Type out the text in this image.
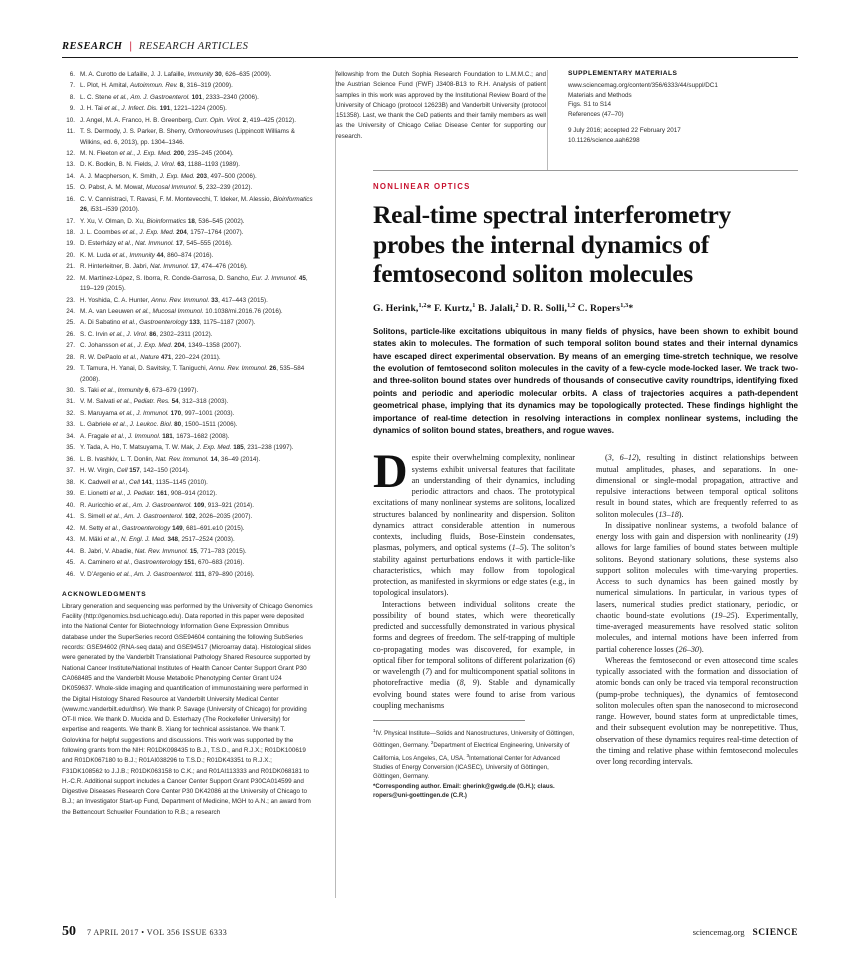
RESEARCH | RESEARCH ARTICLES
6. M. A. Curotto de Lafaille, J. J. Lafaille, Immunity 30, 626–635 (2009).
7. L. Plot, H. Amital, Autoimmun. Rev. 8, 316–319 (2009).
8. L. C. Stene et al., Am. J. Gastroenterol. 101, 2333–2340 (2006).
9. J. H. Tai et al., J. Infect. Dis. 191, 1221–1224 (2005).
10. J. Angel, M. A. Franco, H. B. Greenberg, Curr. Opin. Virol. 2, 419–425 (2012).
11. T. S. Dermody, J. S. Parker, B. Sherry, Orthoreoviruses (Lippincott Williams & Wilkins, ed. 6, 2013), pp. 1304–1346.
12. M. N. Fleeton et al., J. Exp. Med. 200, 235–245 (2004).
13. D. K. Bodkin, B. N. Fields, J. Virol. 63, 1188–1193 (1989).
14. A. J. Macpherson, K. Smith, J. Exp. Med. 203, 497–500 (2006).
15. O. Pabst, A. M. Mowat, Mucosal Immunol. 5, 232–239 (2012).
16. C. V. Cannistraci, T. Ravasi, F. M. Montevecchi, T. Ideker, M. Alessio, Bioinformatics 26, i531–i539 (2010).
17. Y. Xu, V. Olman, D. Xu, Bioinformatics 18, 536–545 (2002).
18. J. L. Coombes et al., J. Exp. Med. 204, 1757–1764 (2007).
19. D. Esterházy et al., Nat. Immunol. 17, 545–555 (2016).
20. K. M. Luda et al., Immunity 44, 860–874 (2016).
21. R. Hinterleitner, B. Jabri, Nat. Immunol. 17, 474–476 (2016).
22. M. Martínez-López, S. Iborra, R. Conde-Garrosa, D. Sancho, Eur. J. Immunol. 45, 119–129 (2015).
23. H. Yoshida, C. A. Hunter, Annu. Rev. Immunol. 33, 417–443 (2015).
24. M. A. van Leeuwen et al., Mucosal Immunol. 10.1038/mi.2016.76 (2016).
25. A. Di Sabatino et al., Gastroenterology 133, 1175–1187 (2007).
26. S. C. Irvin et al., J. Virol. 86, 2302–2311 (2012).
27. C. Johansson et al., J. Exp. Med. 204, 1349–1358 (2007).
28. R. W. DePaolo et al., Nature 471, 220–224 (2011).
29. T. Tamura, H. Yanai, D. Savitsky, T. Taniguchi, Annu. Rev. Immunol. 26, 535–584 (2008).
30. S. Taki et al., Immunity 6, 673–679 (1997).
31. V. M. Salvati et al., Pediatr. Res. 54, 312–318 (2003).
32. S. Maruyama et al., J. Immunol. 170, 997–1001 (2003).
33. L. Gabriele et al., J. Leukoc. Biol. 80, 1500–1511 (2006).
34. A. Fragale et al., J. Immunol. 181, 1673–1682 (2008).
35. Y. Tada, A. Ho, T. Matsuyama, T. W. Mak, J. Exp. Med. 185, 231–238 (1997).
36. L. B. Ivashkiv, L. T. Donlin, Nat. Rev. Immunol. 14, 36–49 (2014).
37. H. W. Virgin, Cell 157, 142–150 (2014).
38. K. Cadwell et al., Cell 141, 1135–1145 (2010).
39. E. Lionetti et al., J. Pediatr. 161, 908–914 (2012).
40. R. Auricchio et al., Am. J. Gastroenterol. 109, 913–921 (2014).
41. S. Simell et al., Am. J. Gastroenterol. 102, 2026–2035 (2007).
42. M. Setty et al., Gastroenterology 149, 681–691.e10 (2015).
43. M. Mäki et al., N. Engl. J. Med. 348, 2517–2524 (2003).
44. B. Jabri, V. Abadie, Nat. Rev. Immunol. 15, 771–783 (2015).
45. A. Caminero et al., Gastroenterology 151, 670–683 (2016).
46. V. D’Argenio et al., Am. J. Gastroenterol. 111, 879–890 (2016).
ACKNOWLEDGMENTS
Library generation and sequencing was performed by the University of Chicago Genomics Facility (http://genomics.bsd.uchicago.edu). Data reported in this paper were deposited into the National Center for Biotechnology Information Gene Expression Omnibus database under the SuperSeries record GSE94604 containing the following SubSeries records: GSE94602 (RNA-seq data) and GSE94517 (Microarray data). Histological slides were generated by the Vanderbilt Translational Pathology Shared Resource supported by National Cancer Institute/National Institutes of Health Cancer Center Support Grant P30 CA068485 and the Vanderbilt Mouse Metabolic Phenotyping Center Grant U24 DK059637. Whole-slide imaging and quantification of immunostaining were performed in the Digital Histology Shared Resource at Vanderbilt University Medical Center (www.mc.vanderbilt.edu/dhsr). We thank P. Savage (University of Chicago) for providing OT-II mice. We thank D. Mucida and D. Esterhazy (The Rockefeller University) for expertise and reagents. We thank B. Xiang for technical assistance. We thank T. Golovkina for helpful suggestions and discussions. This work was supported by the following grants from the NIH: R01DK098435 to B.J., T.S.D., and R.J.X.; R01DK100619 and R01DK067180 to B.J.; R01AI038296 to T.S.D.; R01DK43351 to R.J.X.; F31DK108562 to J.J.B.; R01DK063158 to C.K.; and R01AI113333 and R01DK068181 to H.-C.R. Additional support includes a Cancer Center Support Grant P30CA014599 and Digestive Diseases Research Core Center P30 DK42086 at the University of Chicago to B.J.; an Investigator Start-up Fund, Department of Medicine, MGH to A.N.; an award from the Bettencourt Schueller Foundation to R.B.; a research
fellowship from the Dutch Sophia Research Foundation to L.M.M.C.; and the Austrian Science Fund (FWF) J3408-B13 to R.H. Analysis of patient samples in this work was approved by the Institutional Review Board of the University of Chicago (protocol 12623B) and Vanderbilt University (protocol 151358). Last, we thank the CeD patients and their family members as well as the University of Chicago Celiac Disease Center for supporting our research.
SUPPLEMENTARY MATERIALS
www.sciencemag.org/content/356/6333/44/suppl/DC1
Materials and Methods
Figs. S1 to S14
References (47–70)
9 July 2016; accepted 22 February 2017
10.1126/science.aah6298
NONLINEAR OPTICS
Real-time spectral interferometry probes the internal dynamics of femtosecond soliton molecules
G. Herink,$^{1,2}$* F. Kurtz,$^1$ B. Jalali,$^2$ D. R. Solli,$^{1,2}$ C. Ropers$^{1,3}$*
Solitons, particle-like excitations ubiquitous in many fields of physics, have been shown to exhibit bound states akin to molecules. The formation of such temporal soliton bound states and their internal dynamics have escaped direct experimental observation. By means of an emerging time-stretch technique, we resolve the evolution of femtosecond soliton molecules in the cavity of a few-cycle mode-locked laser. We track two- and three-soliton bound states over hundreds of thousands of consecutive cavity roundtrips, identifying fixed points and periodic and aperiodic molecular orbits. A class of trajectories acquires a path-dependent geometrical phase, implying that its dynamics may be topologically protected. These findings highlight the importance of real-time detection in resolving interactions in complex nonlinear systems, including the dynamics of soliton bound states, breathers, and rogue waves.

Despite their overwhelming complexity, nonlinear systems exhibit universal features that facilitate an understanding of their dynamics, including periodic attractors and chaos. The prototypical excitations of many nonlinear systems are solitons, localized structures balanced by nonlinearity and dispersion. Soliton dynamics attract considerable attention in numerous contexts, including fluids, Bose-Einstein condensates, plasmas, polymers, and optical systems (1–5). The soliton’s stability against perturbations endows it with particle-like characteristics, which may follow from topological protection, as manifested in skyrmions or edge states (e.g., in topological insulators).

Interactions between individual solitons create the possibility of bound states, which were theoretically predicted and successfully demonstrated in various physical forms and degrees of freedom. The self-trapping of multiple co-propagating modes was discovered, for example, in optical fiber for temporal solitons of different polarization (6) or wavelength (7) and for multicomponent spatial solitons in photorefractive media (8, 9). Stable and dynamically evolving bound states were found to arise from various coupling mechanisms

$^1$IV. Physical Institute—Solids and Nanostructures, University of Göttingen, Göttingen, Germany. $^2$Department of Electrical Engineering, University of California, Los Angeles, CA, USA. $^3$International Center for Advanced Studies of Energy Conversion (ICASEC), University of Göttingen, Göttingen, Germany.
*Corresponding author. Email: gherink@gwdg.de (G.H.); claus. ropers@uni-goettingen.de (C.R.)

(3, 6–12), resulting in distinct relationships between mutual amplitudes, phases, and separations. In one-dimensional or single-modal propagation, attractive and repulsive interactions between temporal optical solitons result in bound states, which are frequently referred to as soliton molecules (13–18).

In dissipative nonlinear systems, a twofold balance of energy loss with gain and dispersion with nonlinearity (19) allows for large families of bound states between multiple solitons. Beyond stationary solutions, these systems also support soliton molecules with time-varying properties. Access to such dynamics has been gained mostly by numerical simulations. In particular, in various types of lasers, numerical studies predict stationary, periodic, or chaotic bound-state evolutions (19–25). Experimentally, time-averaged measurements have resolved static soliton molecules, and internal motions have been inferred from partial coherence losses (26–30).

Whereas the femtosecond or even attosecond time scales typically associated with the formation and dissociation of atomic bonds can only be traced via temporal reconstruction (pump-probe techniques), the dynamics of femtosecond soliton molecules often span the nanosecond to microsecond range. However, bound states form at unpredictable times, and their subsequent evolution may be nonrepetitive. Thus, observation of these dynamics requires real-time detection of the timing and relative phase within femtosecond molecules over long recording intervals.

50 7 APRIL 2017 • VOL 356 ISSUE 6333	sciencemag.org SCIENCE
